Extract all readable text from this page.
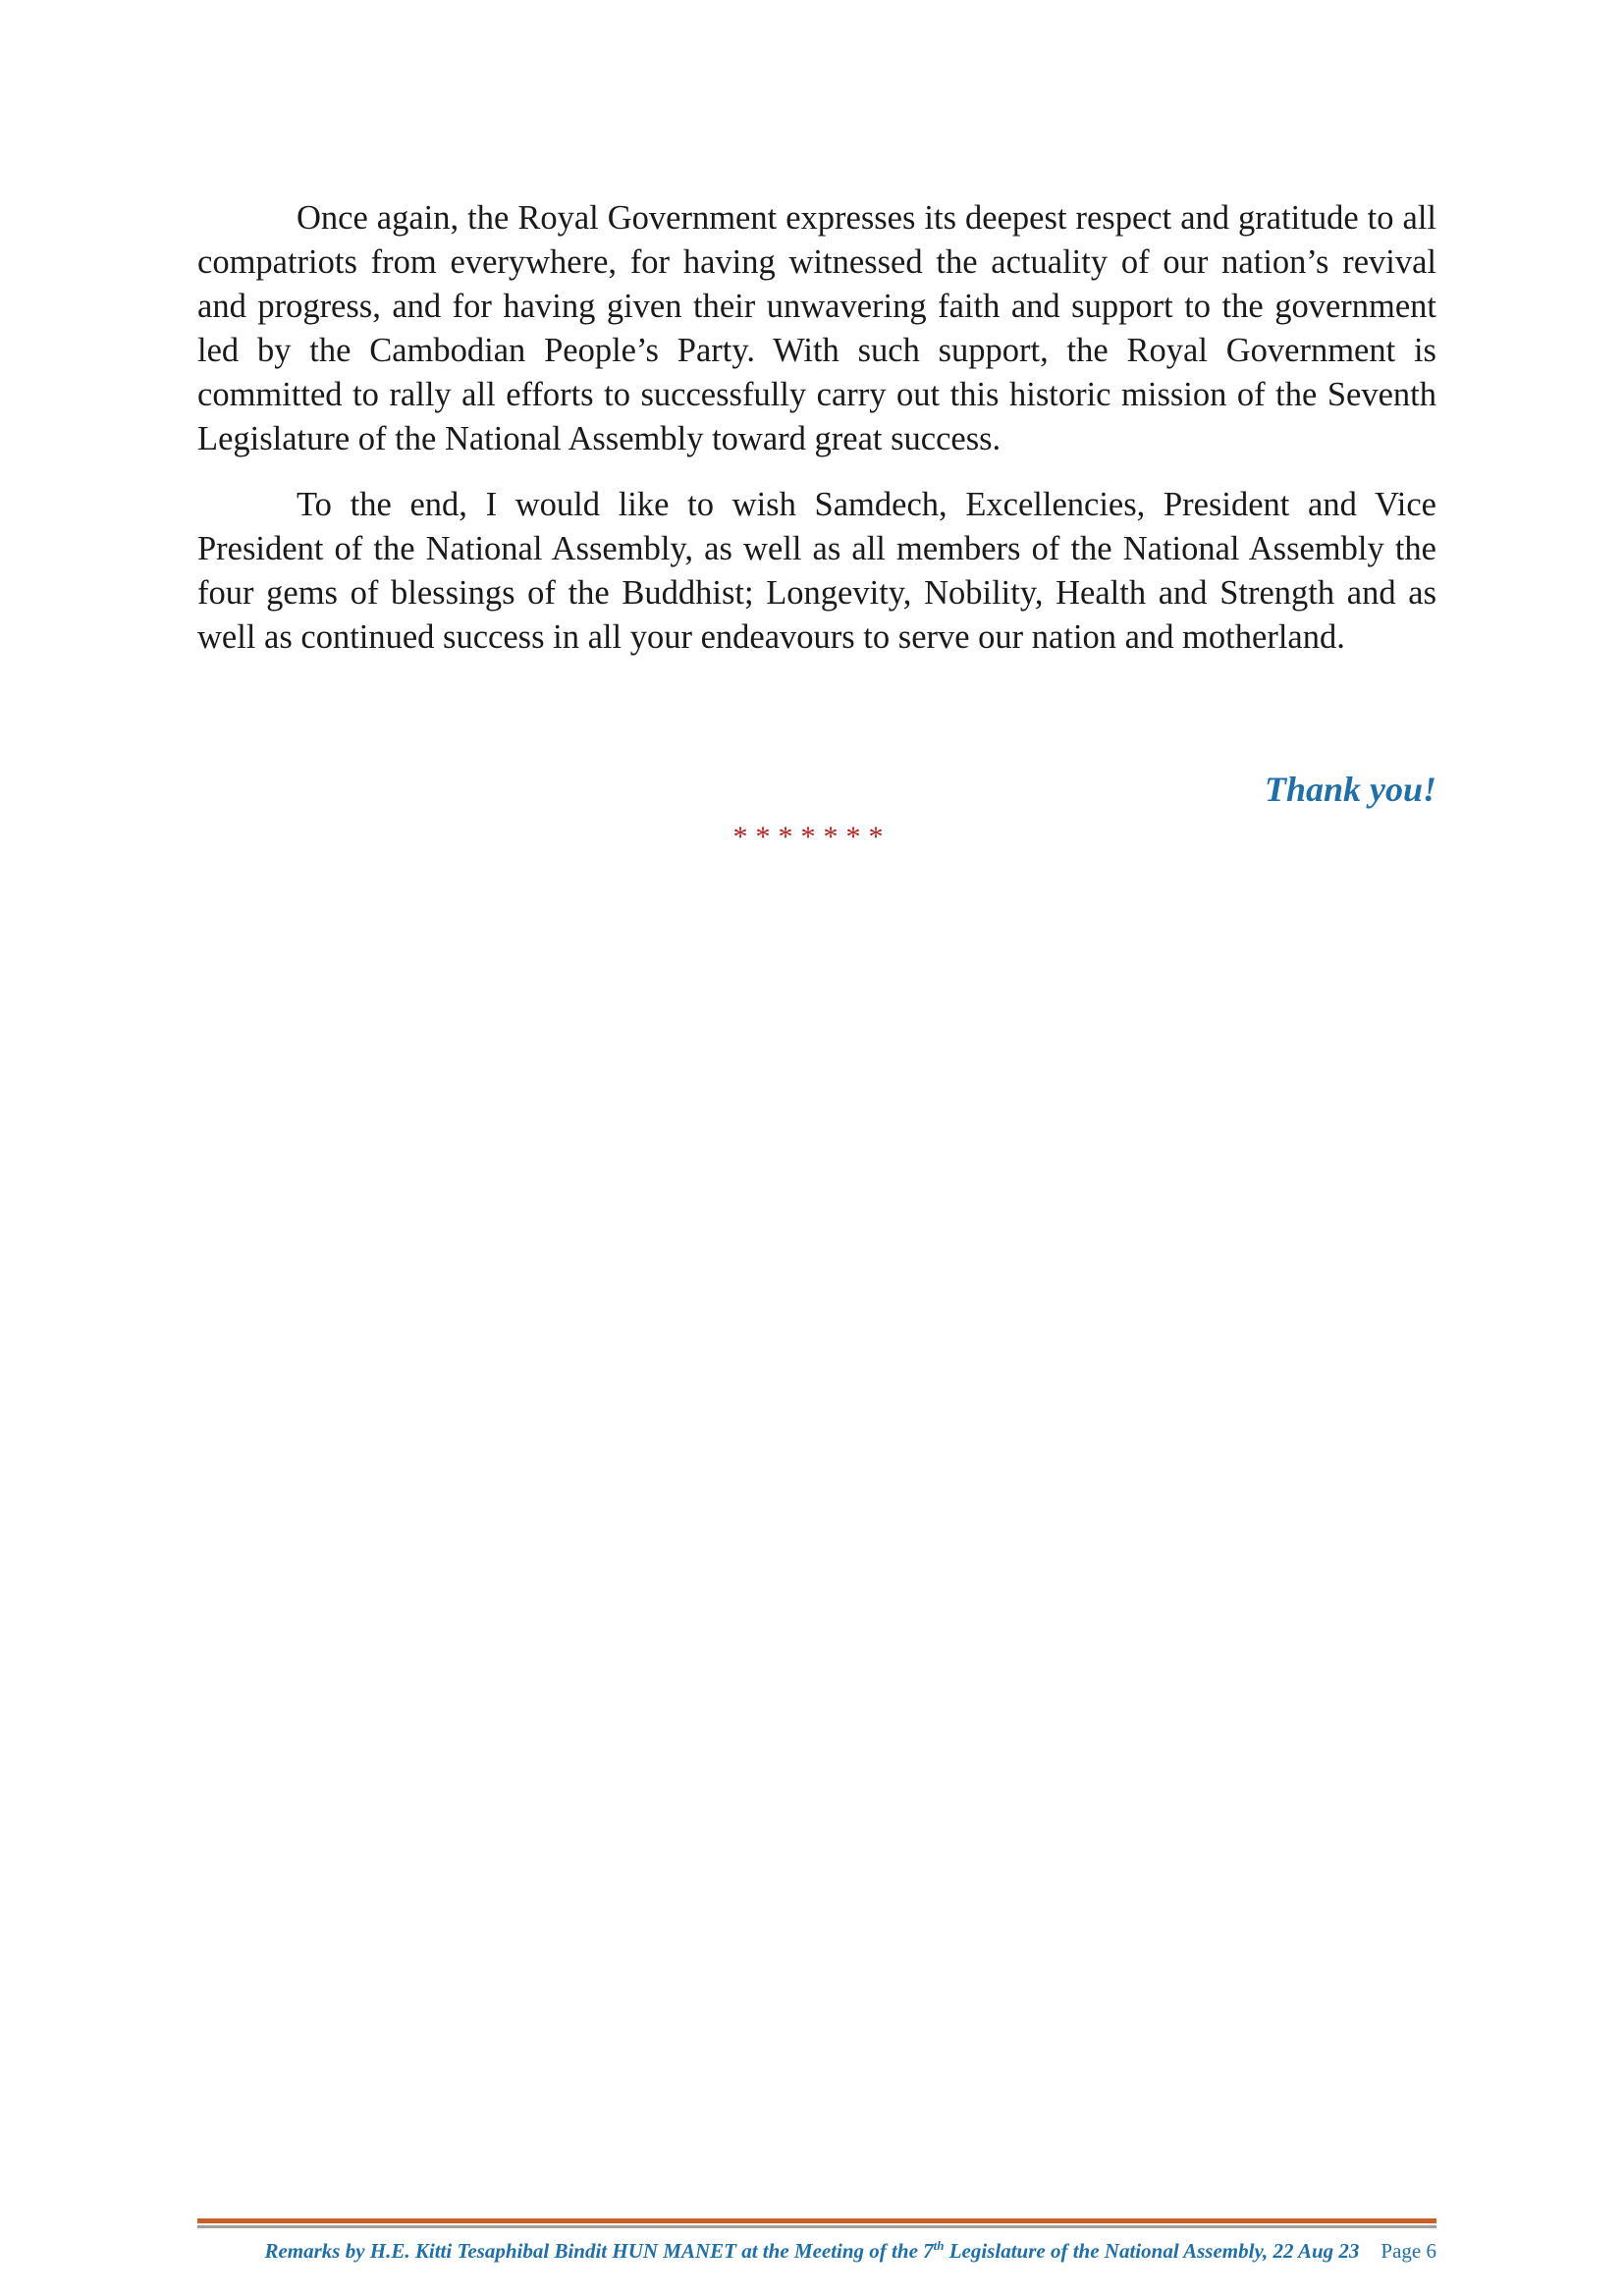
Once again, the Royal Government expresses its deepest respect and gratitude to all compatriots from everywhere, for having witnessed the actuality of our nation’s revival and progress, and for having given their unwavering faith and support to the government led by the Cambodian People’s Party. With such support, the Royal Government is committed to rally all efforts to successfully carry out this historic mission of the Seventh Legislature of the National Assembly toward great success.

To the end, I would like to wish Samdech, Excellencies, President and Vice President of the National Assembly, as well as all members of the National Assembly the four gems of blessings of the Buddhist; Longevity, Nobility, Health and Strength and as well as continued success in all your endeavours to serve our nation and motherland.

Thank you!
*******
Remarks by H.E. Kitti Tesaphibal Bindit HUN MANET at the Meeting of the 7th Legislature of the National Assembly, 22 Aug 23 Page 6
